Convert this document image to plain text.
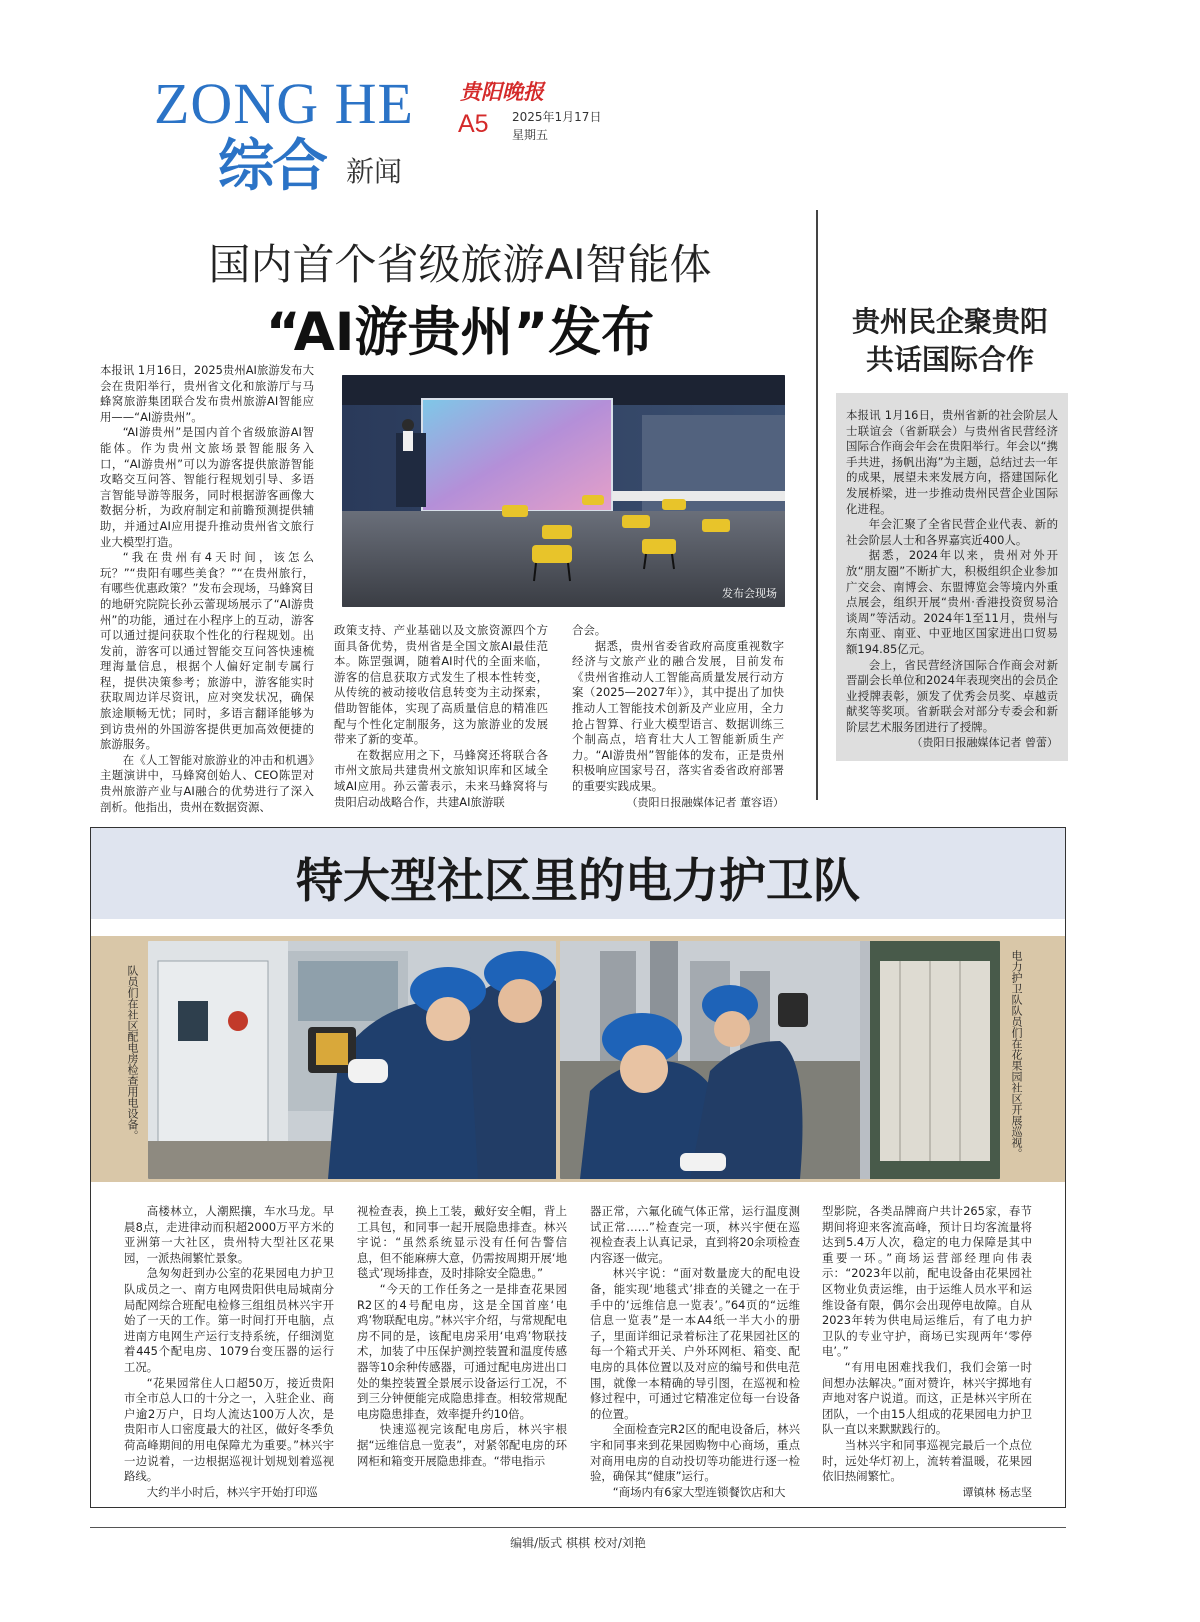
ZONG HE
综合 新闻
贵阳晚报
A5 2025年1月17日
星期五
国内首个省级旅游AI智能体
“AI游贵州”发布

本报讯 1月16日，2025贵州AI旅游发布大会在贵阳举行，贵州省文化和旅游厅与马蜂窝旅游集团联合发布贵州旅游AI智能应用——“AI游贵州”。

“AI游贵州”是国内首个省级旅游AI智能体。作为贵州文旅场景智能服务入口，“AI游贵州”可以为游客提供旅游智能攻略交互问答、智能行程规划引导、多语言智能导游等服务，同时根据游客画像大数据分析，为政府制定和前瞻预测提供辅助，并通过AI应用提升推动贵州省文旅行业大模型打造。

“我在贵州有4天时间，该怎么玩？”“贵阳有哪些美食？”“在贵州旅行，有哪些优惠政策？”发布会现场，马蜂窝目的地研究院院长孙云蕾现场展示了“AI游贵州”的功能，通过在小程序上的互动，游客可以通过提问获取个性化的行程规划。出发前，游客可以通过智能交互问答快速梳理海量信息，根据个人偏好定制专属行程，提供决策参考；旅游中，游客能实时获取周边详尽资讯，应对突发状况，确保旅途顺畅无忧；同时，多语言翻译能够为到访贵州的外国游客提供更加高效便捷的旅游服务。

在《人工智能对旅游业的冲击和机遇》主题演讲中，马蜂窝创始人、CEO陈罡对贵州旅游产业与AI融合的优势进行了深入剖析。他指出，贵州在数据资源、

发布会现场

政策支持、产业基础以及文旅资源四个方面具备优势，贵州省是全国文旅AI最佳范本。陈罡强调，随着AI时代的全面来临，游客的信息获取方式发生了根本性转变，从传统的被动接收信息转变为主动探索，借助智能体，实现了高质量信息的精准匹配与个性化定制服务，这为旅游业的发展带来了新的变革。

在数据应用之下，马蜂窝还将联合各市州文旅局共建贵州文旅知识库和区域全域AI应用。孙云蕾表示，未来马蜂窝将与贵阳启动战略合作，共建AI旅游联

合会。

据悉，贵州省委省政府高度重视数字经济与文旅产业的融合发展，目前发布《贵州省推动人工智能高质量发展行动方案（2025—2027年）》，其中提出了加快推动人工智能技术创新及产业应用，全力抢占智算、行业大模型语言、数据训练三个制高点，培育壮大人工智能新质生产力。“AI游贵州”智能体的发布，正是贵州积极响应国家号召，落实省委省政府部署的重要实践成果。

（贵阳日报融媒体记者 董容语）
贵州民企聚贵阳
共话国际合作

本报讯 1月16日，贵州省新的社会阶层人士联谊会（省新联会）与贵州省民营经济国际合作商会年会在贵阳举行。年会以“携手共进，扬帆出海”为主题，总结过去一年的成果，展望未来发展方向，搭建国际化发展桥梁，进一步推动贵州民营企业国际化进程。

年会汇聚了全省民营企业代表、新的社会阶层人士和各界嘉宾近400人。

据悉，2024年以来，贵州对外开放“朋友圈”不断扩大，积极组织企业参加广交会、南博会、东盟博览会等境内外重点展会，组织开展“贵州·香港投资贸易洽谈周”等活动。2024年1至11月，贵州与东南亚、南亚、中亚地区国家进出口贸易额194.85亿元。

会上，省民营经济国际合作商会对新晋副会长单位和2024年表现突出的会员企业授牌表彰，颁发了优秀会员奖、卓越贡献奖等奖项。省新联会对部分专委会和新阶层艺术服务团进行了授牌。

（贵阳日报融媒体记者 曾蕾）
特大型社区里的电力护卫队
队员们在社区配电房检查用电设备。	电力护卫队队员们在花果园社区开展巡视。

高楼林立，人潮熙攘，车水马龙。早晨8点，走进律动而积超2000万平方米的亚洲第一大社区，贵州特大型社区花果园，一派热闹繁忙景象。

急匆匆赶到办公室的花果园电力护卫队成员之一、南方电网贵阳供电局城南分局配网综合班配电检修三组组员林兴宇开始了一天的工作。第一时间打开电脑，点进南方电网生产运行支持系统，仔细浏览着445个配电房、1079台变压器的运行工况。

“花果园常住人口超50万，接近贵阳市全市总人口的十分之一，入驻企业、商户逾2万户，日均人流达100万人次，是贵阳市人口密度最大的社区，做好冬季负荷高峰期间的用电保障尤为重要。”林兴宇一边说着，一边根据巡视计划规划着巡视路线。

大约半小时后，林兴宇开始打印巡

视检查表，换上工装，戴好安全帽，背上工具包，和同事一起开展隐患排查。林兴宇说：“虽然系统显示没有任何告警信息，但不能麻痹大意，仍需按周期开展‘地毯式’现场排查，及时排除安全隐患。”

“今天的工作任务之一是排查花果园R2区的4号配电房，这是全国首座‘电鸡’物联配电房。”林兴宇介绍，与常规配电房不同的是，该配电房采用‘电鸡’物联技术，加装了中压保护测控装置和温度传感器等10余种传感器，可通过配电房进出口处的集控装置全景展示设备运行工况，不到三分钟便能完成隐患排查。相较常规配电房隐患排查，效率提升约10倍。

快速巡视完该配电房后，林兴宇根据“远维信息一览表”，对紧邻配电房的环网柜和箱变开展隐患排查。“带电指示

器正常，六氟化硫气体正常，运行温度测试正常……”检查完一项，林兴宇便在巡视检查表上认真记录，直到将20余项检查内容逐一做完。

林兴宇说：“面对数量庞大的配电设备，能实现‘地毯式’排查的关键之一在于手中的‘远维信息一览表’。”64页的“远维信息一览表”是一本A4纸一半大小的册子，里面详细记录着标注了花果园社区的每一个箱式开关、户外环网柜、箱变、配电房的具体位置以及对应的编号和供电范围，就像一本精确的导引图，在巡视和检修过程中，可通过它精准定位每一台设备的位置。

全面检查完R2区的配电设备后，林兴宇和同事来到花果园购物中心商场，重点对商用电房的自动投切等功能进行逐一检验，确保其“健康”运行。

“商场内有6家大型连锁餐饮店和大

型影院，各类品牌商户共计265家，春节期间将迎来客流高峰，预计日均客流量将达到5.4万人次，稳定的电力保障是其中重要一环。”商场运营部经理向伟表示：“2023年以前，配电设备由花果园社区物业负责运维，由于运维人员水平和运维设备有限，偶尔会出现停电故障。自从2023年转为供电局运维后，有了电力护卫队的专业守护，商场已实现两年‘零停电’。”

“有用电困难找我们，我们会第一时间想办法解决。”面对赞许，林兴宇掷地有声地对客户说道。而这，正是林兴宇所在团队，一个由15人组成的花果园电力护卫队一直以来默默践行的。

当林兴宇和同事巡视完最后一个点位时，远处华灯初上，流转着温暖，花果园依旧热闹繁忙。

谭镇林 杨志坚
编辑/版式 棋棋 校对/刘艳
